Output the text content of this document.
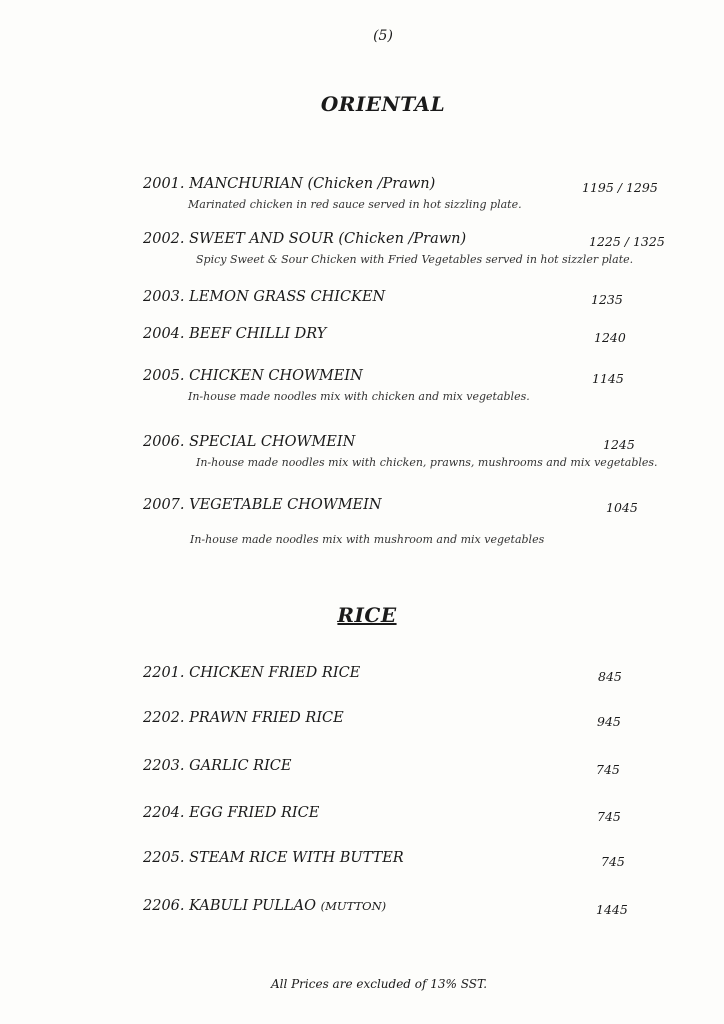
(5)
ORIENTAL
2001. MANCHURIAN (Chicken /Prawn)	1195 / 1295
Marinated chicken in red sauce served in hot sizzling plate.
2002. SWEET AND SOUR (Chicken /Prawn)	1225 / 1325
Spicy Sweet & Sour Chicken with Fried Vegetables served in hot sizzler plate.
2003. LEMON GRASS CHICKEN	1235
2004. BEEF CHILLI DRY	1240
2005. CHICKEN CHOWMEIN	1145
In-house made noodles mix with chicken and mix vegetables.
2006. SPECIAL CHOWMEIN	1245
In-house made noodles mix with chicken, prawns, mushrooms and mix vegetables.
2007. VEGETABLE CHOWMEIN	1045
In-house made noodles mix with mushroom and mix vegetables
RICE
2201. CHICKEN FRIED RICE	845
2202. PRAWN FRIED RICE	945
2203. GARLIC RICE	745
2204. EGG FRIED RICE	745
2205. STEAM RICE WITH BUTTER	745
2206. KABULI PULLAO (MUTTON)	1445
All Prices are excluded of 13% SST.
